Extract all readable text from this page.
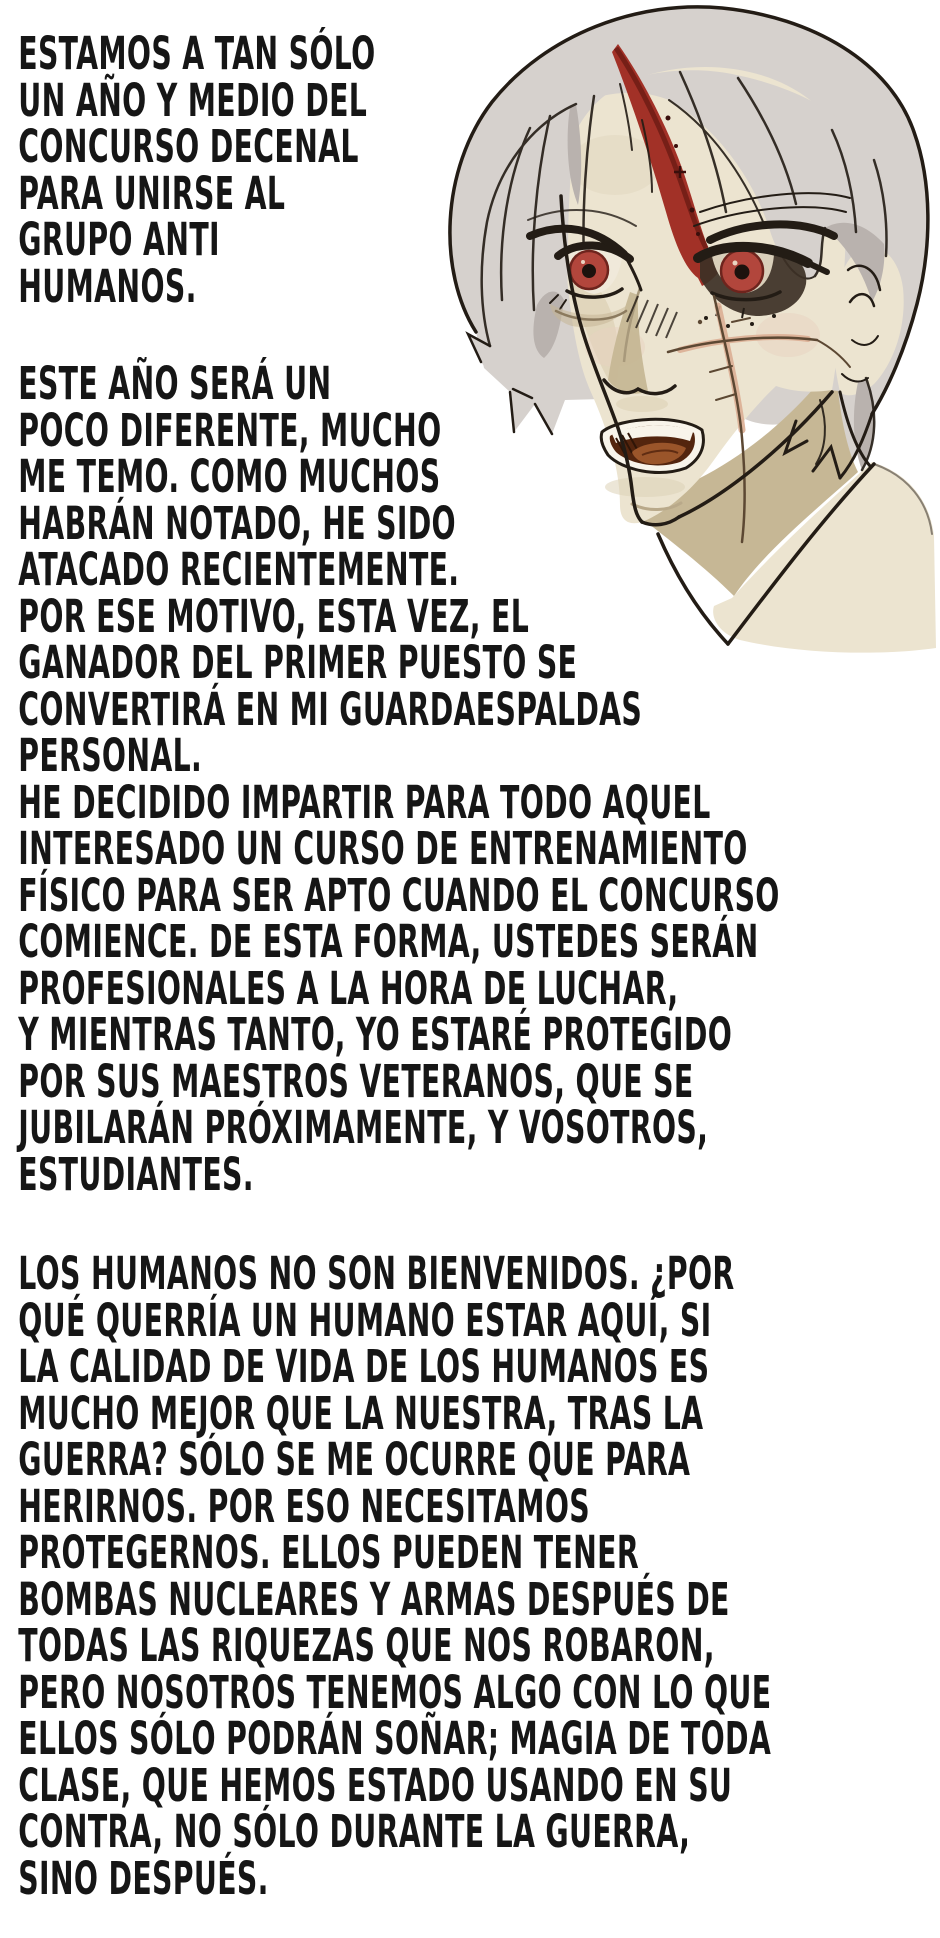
ESTAMOS A TAN SÓLO
UN AÑO Y MEDIO DEL
CONCURSO DECENAL
PARA UNIRSE AL
GRUPO ANTI
HUMANOS.
ESTE AÑO SERÁ UN
POCO DIFERENTE, MUCHO
ME TEMO. COMO MUCHOS
HABRÁN NOTADO, HE SIDO
ATACADO RECIENTEMENTE.
POR ESE MOTIVO, ESTA VEZ, EL
GANADOR DEL PRIMER PUESTO SE
CONVERTIRÁ EN MI GUARDAESPALDAS
PERSONAL.
HE DECIDIDO IMPARTIR PARA TODO AQUEL
INTERESADO UN CURSO DE ENTRENAMIENTO
FÍSICO PARA SER APTO CUANDO EL CONCURSO
COMIENCE. DE ESTA FORMA, USTEDES SERÁN
PROFESIONALES A LA HORA DE LUCHAR,
Y MIENTRAS TANTO, YO ESTARÉ PROTEGIDO
POR SUS MAESTROS VETERANOS, QUE SE
JUBILARÁN PRÓXIMAMENTE, Y VOSOTROS,
ESTUDIANTES.
LOS HUMANOS NO SON BIENVENIDOS. ¿POR
QUÉ QUERRÍA UN HUMANO ESTAR AQUÍ, SI
LA CALIDAD DE VIDA DE LOS HUMANOS ES
MUCHO MEJOR QUE LA NUESTRA, TRAS LA
GUERRA? SÓLO SE ME OCURRE QUE PARA
HERIRNOS. POR ESO NECESITAMOS
PROTEGERNOS. ELLOS PUEDEN TENER
BOMBAS NUCLEARES Y ARMAS DESPUÉS DE
TODAS LAS RIQUEZAS QUE NOS ROBARON,
PERO NOSOTROS TENEMOS ALGO CON LO QUE
ELLOS SÓLO PODRÁN SOÑAR; MAGIA DE TODA
CLASE, QUE HEMOS ESTADO USANDO EN SU
CONTRA, NO SÓLO DURANTE LA GUERRA,
SINO DESPUÉS.
